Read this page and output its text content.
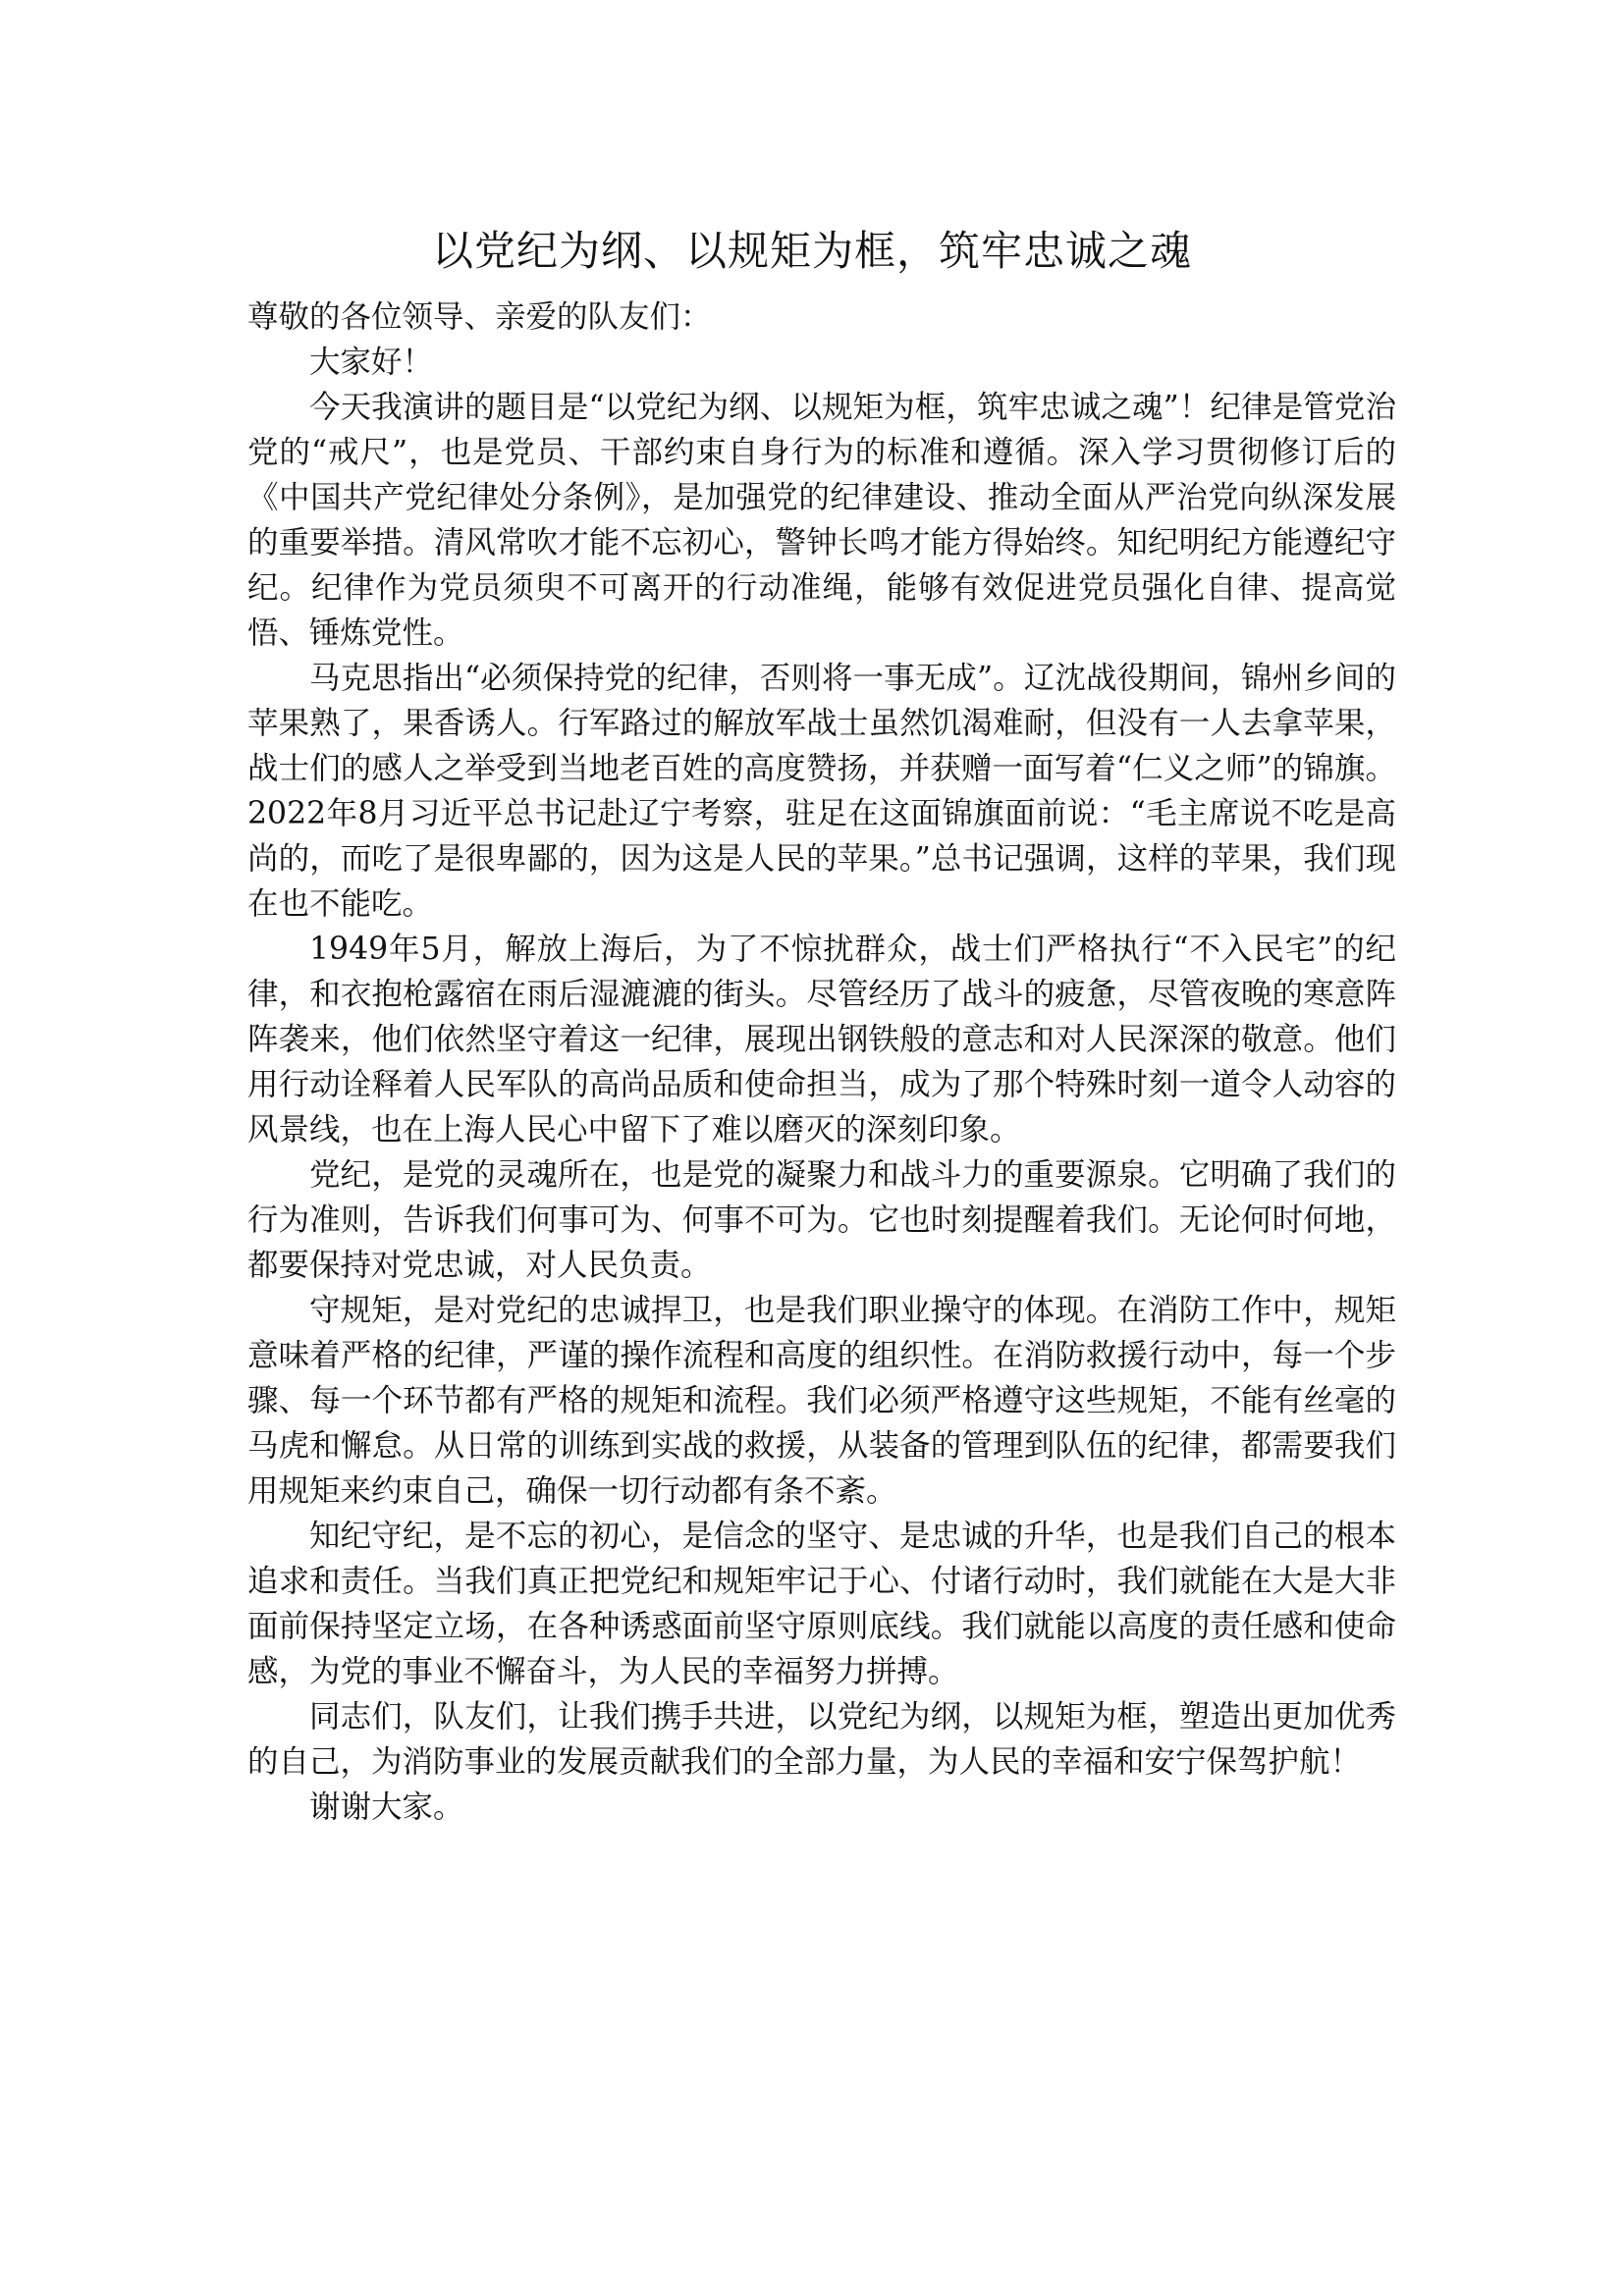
以党纪为纲、以规矩为框，筑牢忠诚之魂

尊敬的各位领导、亲爱的队友们：

大家好！

今天我演讲的题目是“以党纪为纲、以规矩为框，筑牢忠诚之魂”！纪律是管党治党的“戒尺”，也是党员、干部约束自身行为的标准和遵循。深入学习贯彻修订后的《中国共产党纪律处分条例》，是加强党的纪律建设、推动全面从严治党向纵深发展的重要举措。清风常吹才能不忘初心，警钟长鸣才能方得始终。知纪明纪方能遵纪守纪。纪律作为党员须臾不可离开的行动准绳，能够有效促进党员强化自律、提高觉悟、锤炼党性。

马克思指出“必须保持党的纪律，否则将一事无成”。辽沈战役期间，锦州乡间的苹果熟了，果香诱人。行军路过的解放军战士虽然饥渴难耐，但没有一人去拿苹果，战士们的感人之举受到当地老百姓的高度赞扬，并获赠一面写着“仁义之师”的锦旗。2022年8月习近平总书记赴辽宁考察，驻足在这面锦旗面前说：“毛主席说不吃是高尚的，而吃了是很卑鄙的，因为这是人民的苹果。”总书记强调，这样的苹果，我们现在也不能吃。

1949年5月，解放上海后，为了不惊扰群众，战士们严格执行“不入民宅”的纪律，和衣抱枪露宿在雨后湿漉漉的街头。尽管经历了战斗的疲惫，尽管夜晚的寒意阵阵袭来，他们依然坚守着这一纪律，展现出钢铁般的意志和对人民深深的敬意。他们用行动诠释着人民军队的高尚品质和使命担当，成为了那个特殊时刻一道令人动容的风景线，也在上海人民心中留下了难以磨灭的深刻印象。

党纪，是党的灵魂所在，也是党的凝聚力和战斗力的重要源泉。它明确了我们的行为准则，告诉我们何事可为、何事不可为。它也时刻提醒着我们。无论何时何地，都要保持对党忠诚，对人民负责。

守规矩，是对党纪的忠诚捍卫，也是我们职业操守的体现。在消防工作中，规矩意味着严格的纪律，严谨的操作流程和高度的组织性。在消防救援行动中，每一个步骤、每一个环节都有严格的规矩和流程。我们必须严格遵守这些规矩，不能有丝毫的马虎和懈怠。从日常的训练到实战的救援，从装备的管理到队伍的纪律，都需要我们用规矩来约束自己，确保一切行动都有条不紊。

知纪守纪，是不忘的初心，是信念的坚守、是忠诚的升华，也是我们自己的根本追求和责任。当我们真正把党纪和规矩牢记于心、付诸行动时，我们就能在大是大非面前保持坚定立场，在各种诱惑面前坚守原则底线。我们就能以高度的责任感和使命感，为党的事业不懈奋斗，为人民的幸福努力拼搏。

同志们，队友们，让我们携手共进，以党纪为纲，以规矩为框，塑造出更加优秀的自己，为消防事业的发展贡献我们的全部力量，为人民的幸福和安宁保驾护航！

谢谢大家。
